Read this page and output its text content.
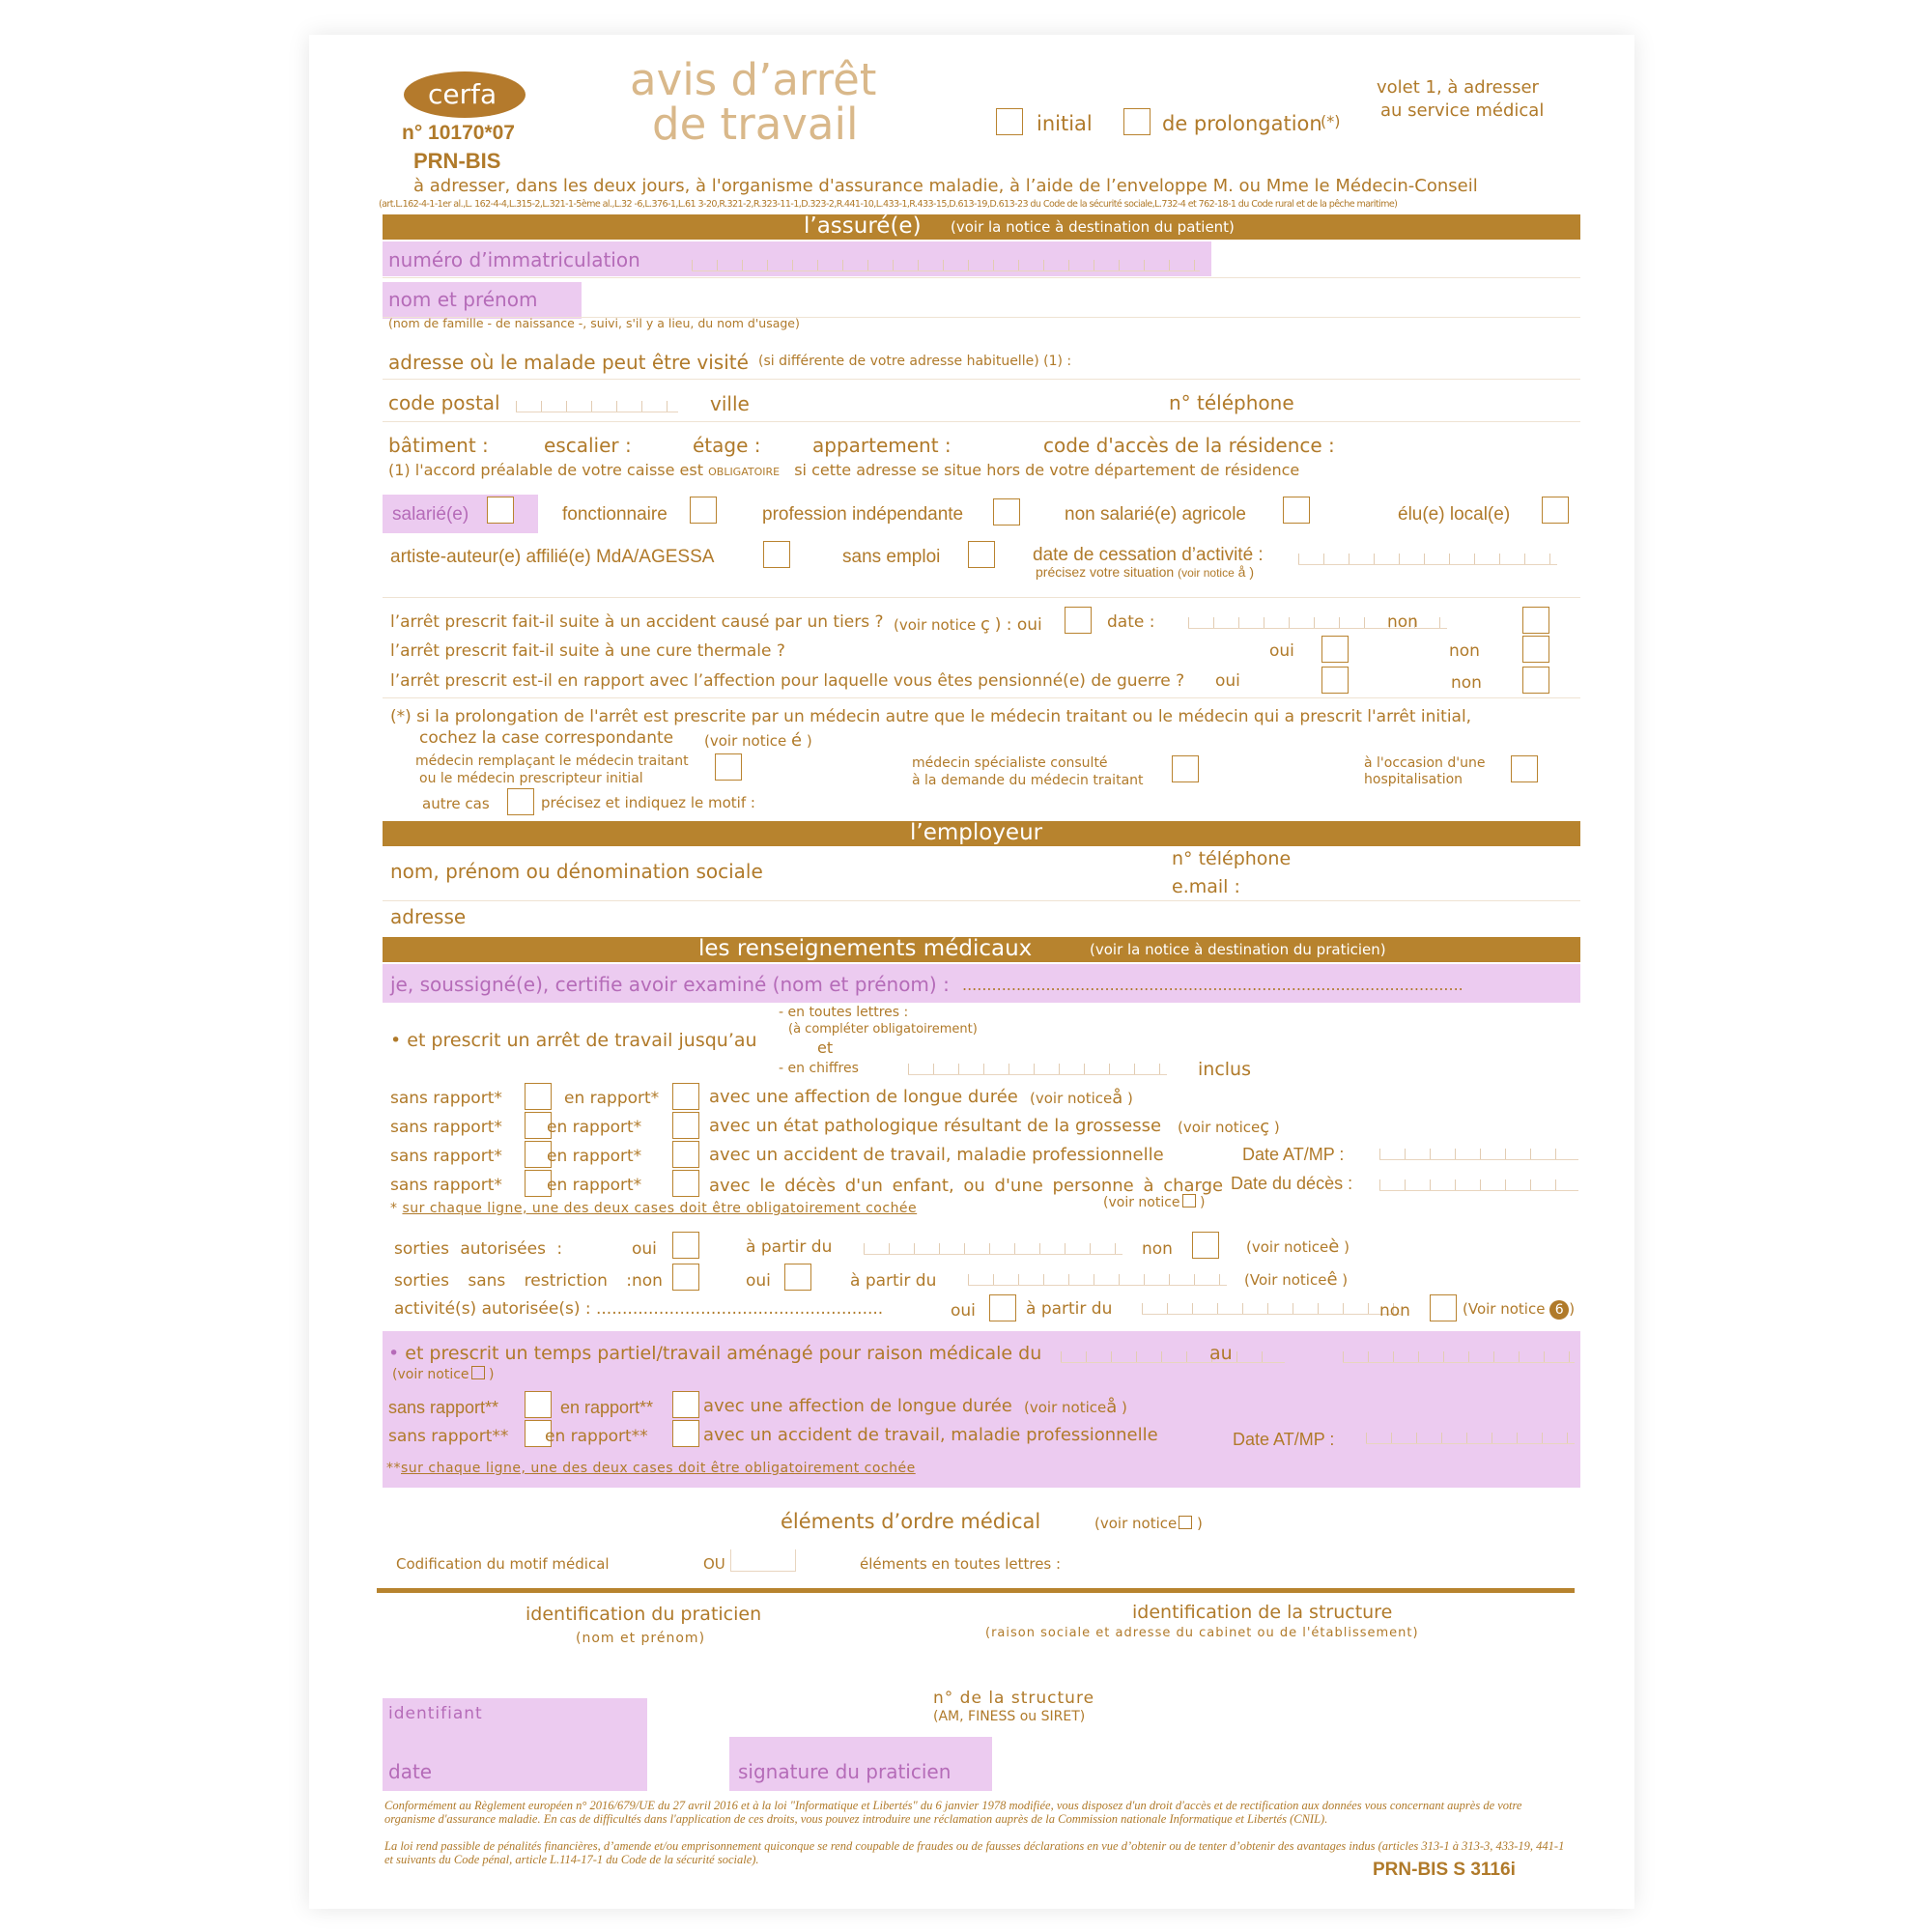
cerfa
n° 10170*07
PRN-BIS
avis d’arrêt
de travail	initial	de prolongation
(*)
volet 1, à adresser
au service médical
à adresser, dans les deux jours, à l'organisme d'assurance maladie, à l’aide de l’enveloppe M. ou Mme le Médecin-Conseil
(art.L.162-4-1-1er al.,L. 162-4-4,L.315-2,L.321-1-5ème al.,L.32 -6,L.376-1,L.61 3-20,R.321-2,R.323-11-1,D.323-2,R.441-10,L.433-1,R.433-15,D.613-19,D.613-23 du Code de la sécurité sociale,L.732-4 et 762-18-1 du Code rural et de la pêche maritime)
l’assuré(e) (voir la notice à destination du patient)
numéro d’immatriculation
nom et prénom
(nom de famille - de naissance -, suivi, s'il y a lieu, du nom d'usage)
adresse où le malade peut être visité (si différente de votre adresse habituelle) (1) :
code postal	ville	n° téléphone
bâtiment :	escalier :	étage :	appartement :	code d'accès de la résidence :
(1) l'accord préalable de votre caisse est OBLIGATOIRE si cette adresse se situe hors de votre département de résidence
salarié(e)	fonctionnaire	profession indépendante	non salarié(e) agricole	élu(e) local(e)
artiste-auteur(e) affilié(e) MdA/AGESSA	sans emploi	date de cessation d’activité :
précisez votre situation (voir notice å )
l’arrêt prescrit fait-il suite à un accident causé par un tiers ? (voir notice ç ) : oui	date :	non
l’arrêt prescrit fait-il suite à une cure thermale ?	oui	non
l’arrêt prescrit est-il en rapport avec l’affection pour laquelle vous êtes pensionné(e) de guerre ? oui	non
(*) si la prolongation de l'arrêt est prescrite par un médecin autre que le médecin traitant ou le médecin qui a prescrit l'arrêt initial,
cochez la case correspondante (voir notice é )
médecin remplaçant le médecin traitant
ou le médecin prescripteur initial
médecin spécialiste consulté
à la demande du médecin traitant
à l'occasion d'une
hospitalisation
autre cas	précisez et indiquez le motif :
l’employeur
nom, prénom ou dénomination sociale
n° téléphone
e.mail :
adresse
les renseignements médicaux	(voir la notice à destination du praticien)
je, soussigné(e), certifie avoir examiné (nom et prénom) : ......................................................................................................
• et prescrit un arrêt de travail jusqu’au
- en toutes lettres :
(à compléter obligatoirement)
et
- en chiffres	inclus
sans rapport*	en rapport*	avec une affection de longue durée (voir noticeå )
sans rapport*	en rapport*	avec un état pathologique résultant de la grossesse (voir noticeç )
sans rapport*	en rapport*	avec un accident de travail, maladie professionnelle	Date AT/MP :
sans rapport*	en rapport*	avec le décès d'un enfant, ou d'une personne à charge Date du décès :
(voir notice )
* sur chaque ligne, une des deux cases doit être obligatoirement cochée
sorties autorisées :	oui	à partir du	non	(voir noticeè )
sorties sans restriction : non	oui	à partir du	(Voir noticeê )
activité(s) autorisée(s) : .......................................................	oui	à partir du	non	(Voir notice 6 )
• et prescrit un temps partiel/travail aménagé pour raison médicale du	au
(voir notice )
sans rapport**	en rapport**	avec une affection de longue durée (voir noticeå )
sans rapport** en rapport**	avec un accident de travail, maladie professionnelle	Date AT/MP :
**sur chaque ligne, une des deux cases doit être obligatoirement cochée
éléments d’ordre médical	(voir notice )
Codification du motif médical	OU	éléments en toutes lettres :
identification du praticien
(nom et prénom)
identification de la structure
(raison sociale et adresse du cabinet ou de l'établissement)
identifiant
date
n° de la structure
(AM, FINESS ou SIRET)
signature du praticien
Conformément au Règlement européen n° 2016/679/UE du 27 avril 2016 et à la loi "Informatique et Libertés" du 6 janvier 1978 modifiée, vous disposez d'un droit d'accès et de rectification aux données vous concernant auprès de votre organisme d'assurance maladie. En cas de difficultés dans l'application de ces droits, vous pouvez introduire une réclamation auprès de la Commission nationale Informatique et Libertés (CNIL).
La loi rend passible de pénalités financières, d’amende et/ou emprisonnement quiconque se rend coupable de fraudes ou de fausses déclarations en vue d’obtenir ou de tenter d’obtenir des avantages indus (articles 313-1 à 313-3, 433-19, 441-1 et suivants du Code pénal, article L.114-17-1 du Code de la sécurité sociale).	PRN-BIS S 3116i
